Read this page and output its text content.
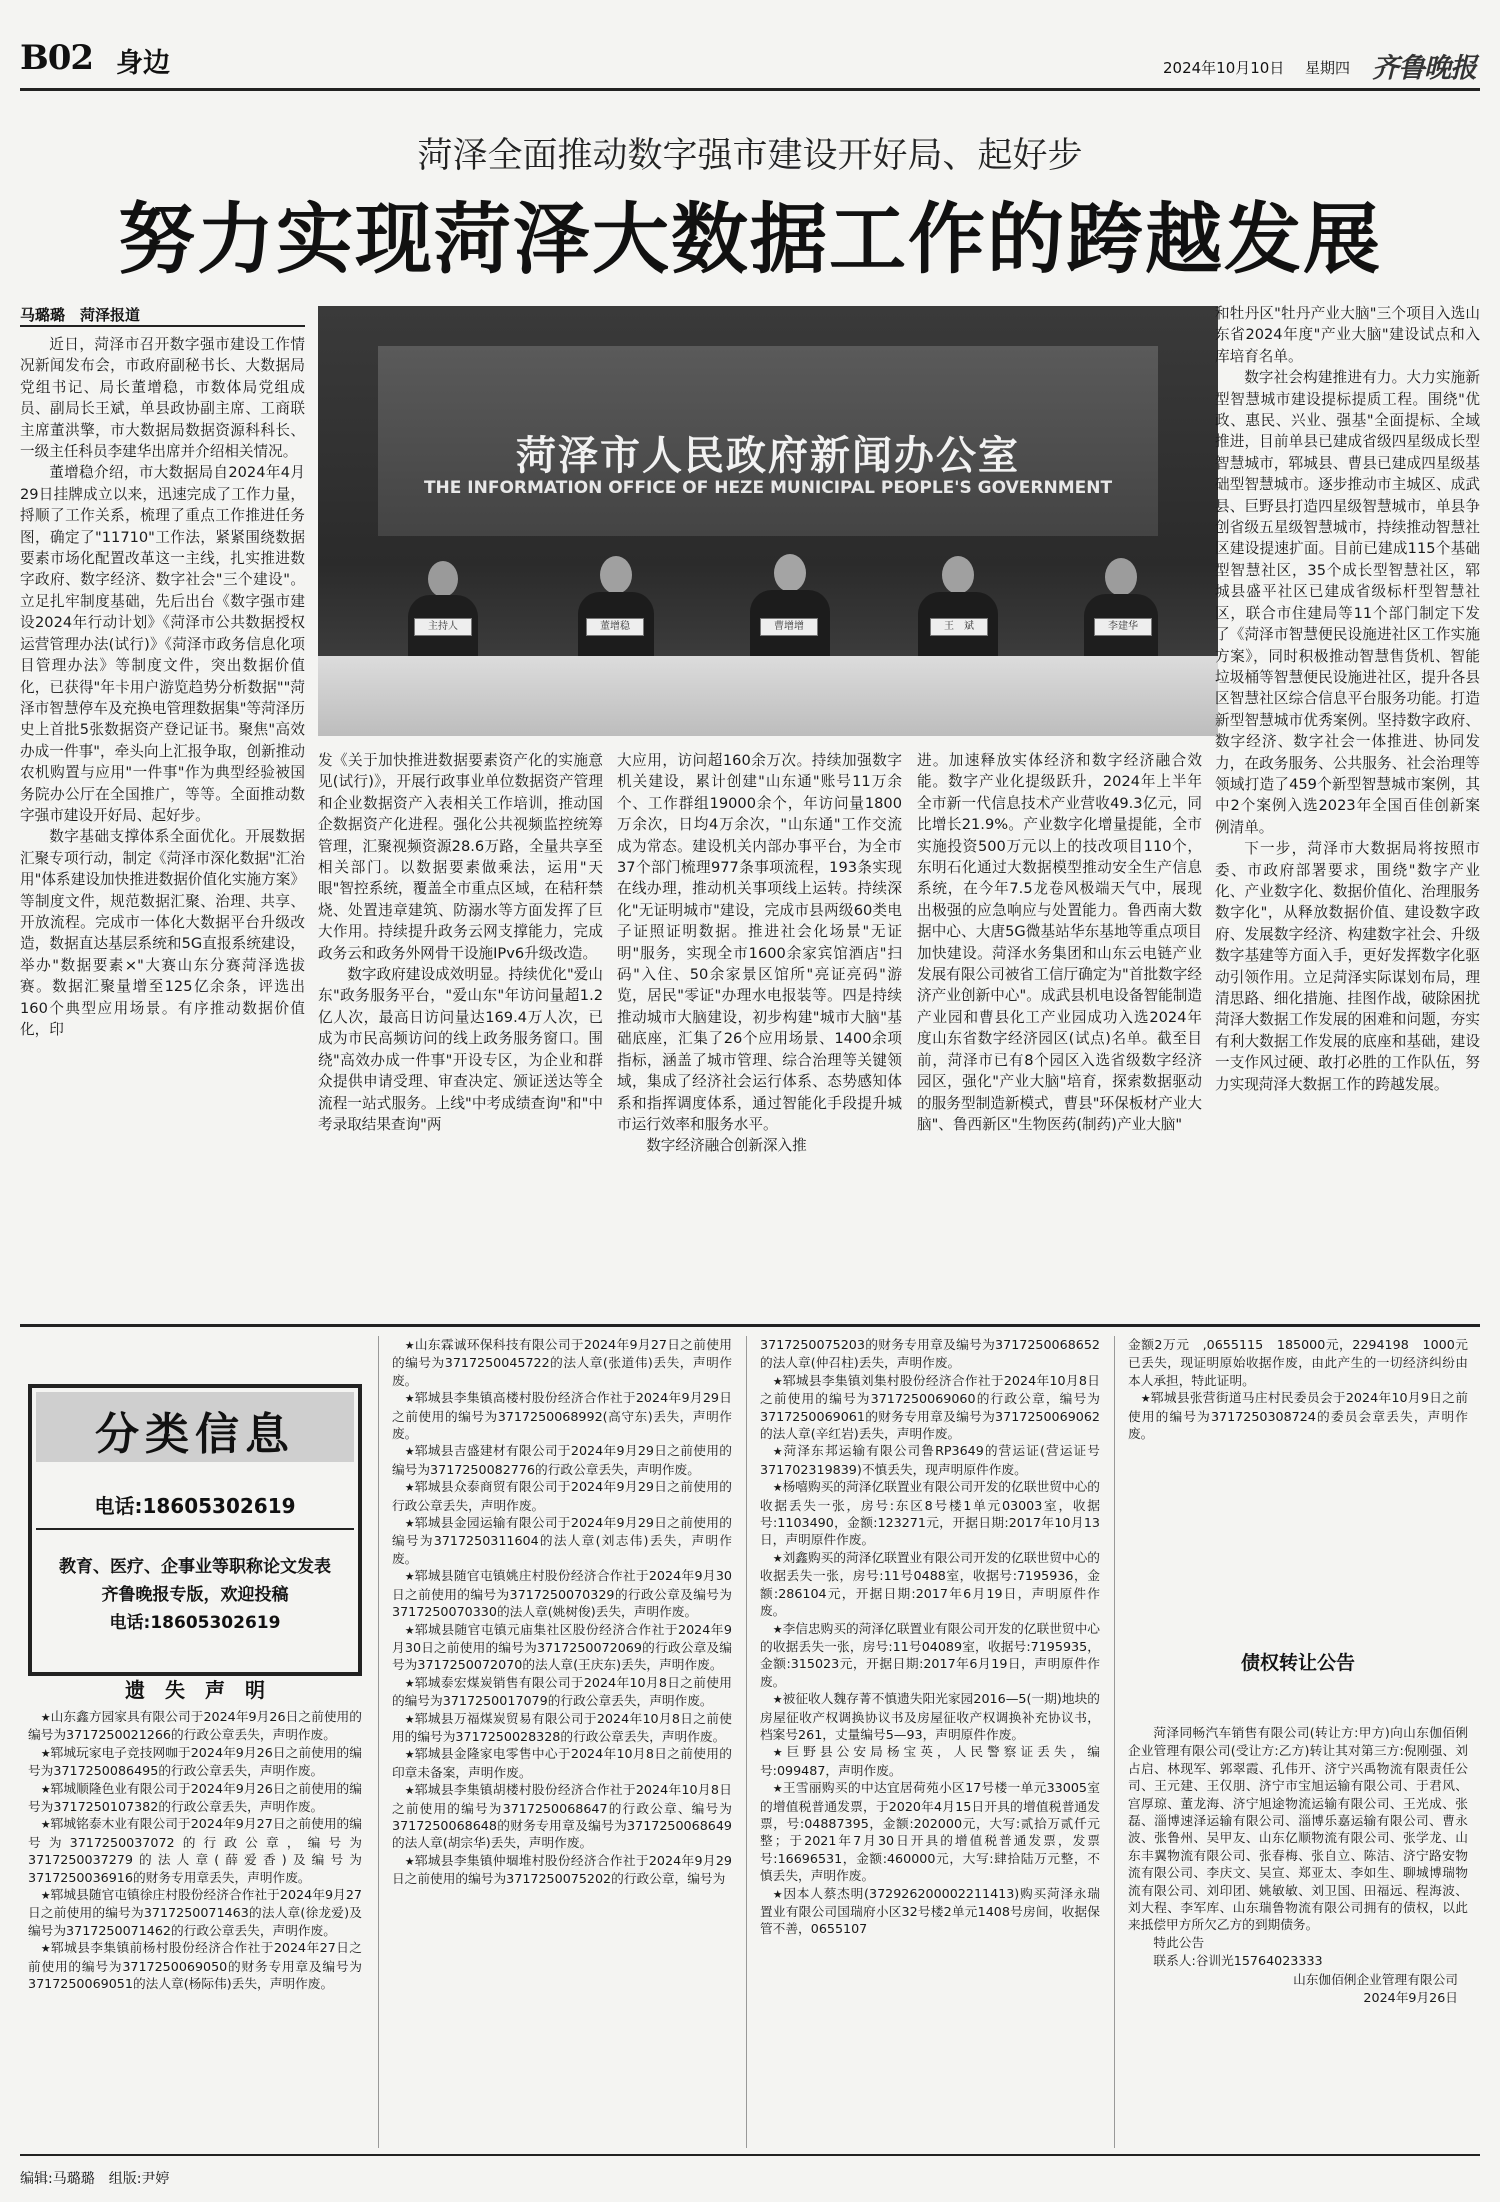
B02 身边	2024年10月10日 星期四 齐鲁晚报
菏泽全面推动数字强市建设开好局、起好步
努力实现菏泽大数据工作的跨越发展
马璐璐　菏泽报道
菏泽市人民政府新闻办公室
THE INFORMATION OFFICE OF HEZE MUNICIPAL PEOPLE'S GOVERNMENT
主持人	董增稳	曹增增	王　斌	李建华

近日，菏泽市召开数字强市建设工作情况新闻发布会，市政府副秘书长、大数据局党组书记、局长董增稳，市数体局党组成员、副局长王斌，单县政协副主席、工商联主席董洪擎，市大数据局数据资源科科长、一级主任科员李建华出席并介绍相关情况。

董增稳介绍，市大数据局自2024年4月29日挂牌成立以来，迅速完成了工作力量，捋顺了工作关系，梳理了重点工作推进任务图，确定了"11710"工作法，紧紧围绕数据要素市场化配置改革这一主线，扎实推进数字政府、数字经济、数字社会"三个建设"。立足扎牢制度基础，先后出台《数字强市建设2024年行动计划》《菏泽市公共数据授权运营管理办法(试行)》《菏泽市政务信息化项目管理办法》等制度文件，突出数据价值化，已获得"年卡用户游览趋势分析数据""菏泽市智慧停车及充换电管理数据集"等菏泽历史上首批5张数据资产登记证书。聚焦"高效办成一件事"，牵头向上汇报争取，创新推动农机购置与应用"一件事"作为典型经验被国务院办公厅在全国推广，等等。全面推动数字强市建设开好局、起好步。

数字基础支撑体系全面优化。开展数据汇聚专项行动，制定《菏泽市深化数据"汇治用"体系建设加快推进数据价值化实施方案》等制度文件，规范数据汇聚、治理、共享、开放流程。完成市一体化大数据平台升级改造，数据直达基层系统和5G直报系统建设，举办"数据要素×"大赛山东分赛菏泽选拔赛。数据汇聚量增至125亿余条，评选出160个典型应用场景。有序推动数据价值化，印

发《关于加快推进数据要素资产化的实施意见(试行)》，开展行政事业单位数据资产管理和企业数据资产入表相关工作培训，推动国企数据资产化进程。强化公共视频监控统筹管理，汇聚视频资源28.6万路，全量共享至相关部门。以数据要素做乘法，运用"天眼"智控系统，覆盖全市重点区域，在秸秆禁烧、处置违章建筑、防溺水等方面发挥了巨大作用。持续提升政务云网支撑能力，完成政务云和政务外网骨干设施IPv6升级改造。

数字政府建设成效明显。持续优化"爱山东"政务服务平台，"爱山东"年访问量超1.2亿人次，最高日访问量达169.4万人次，已成为市民高频访问的线上政务服务窗口。围绕"高效办成一件事"开设专区，为企业和群众提供申请受理、审查决定、颁证送达等全流程一站式服务。上线"中考成绩查询"和"中考录取结果查询"两

大应用，访问超160余万次。持续加强数字机关建设，累计创建"山东通"账号11万余个、工作群组19000余个，年访问量1800万余次，日均4万余次，"山东通"工作交流成为常态。建设机关内部办事平台，为全市37个部门梳理977条事项流程，193条实现在线办理，推动机关事项线上运转。持续深化"无证明城市"建设，完成市县两级60类电子证照证明数据。推进社会化场景"无证明"服务，实现全市1600余家宾馆酒店"扫码"入住、50余家景区馆所"亮证亮码"游览，居民"零证"办理水电报装等。四是持续推动城市大脑建设，初步构建"城市大脑"基础底座，汇集了26个应用场景、1400余项指标，涵盖了城市管理、综合治理等关键领域，集成了经济社会运行体系、态势感知体系和指挥调度体系，通过智能化手段提升城市运行效率和服务水平。

数字经济融合创新深入推

进。加速释放实体经济和数字经济融合效能。数字产业化提级跃升，2024年上半年全市新一代信息技术产业营收49.3亿元，同比增长21.9%。产业数字化增量提能，全市实施投资500万元以上的技改项目110个，东明石化通过大数据模型推动安全生产信息系统，在今年7.5龙卷风极端天气中，展现出极强的应急响应与处置能力。鲁西南大数据中心、大唐5G微基站华东基地等重点项目加快建设。菏泽水务集团和山东云电链产业发展有限公司被省工信厅确定为"首批数字经济产业创新中心"。成武县机电设备智能制造产业园和曹县化工产业园成功入选2024年度山东省数字经济园区(试点)名单。截至目前，菏泽市已有8个园区入选省级数字经济园区，强化"产业大脑"培育，探索数据驱动的服务型制造新模式，曹县"环保板材产业大脑"、鲁西新区"生物医药(制药)产业大脑"

和牡丹区"牡丹产业大脑"三个项目入选山东省2024年度"产业大脑"建设试点和入库培育名单。

数字社会构建推进有力。大力实施新型智慧城市建设提标提质工程。围绕"优政、惠民、兴业、强基"全面提标、全域推进，目前单县已建成省级四星级成长型智慧城市，郓城县、曹县已建成四星级基础型智慧城市。逐步推动市主城区、成武县、巨野县打造四星级智慧城市，单县争创省级五星级智慧城市，持续推动智慧社区建设提速扩面。目前已建成115个基础型智慧社区，35个成长型智慧社区，郓城县盛平社区已建成省级标杆型智慧社区，联合市住建局等11个部门制定下发了《菏泽市智慧便民设施进社区工作实施方案》，同时积极推动智慧售货机、智能垃圾桶等智慧便民设施进社区，提升各县区智慧社区综合信息平台服务功能。打造新型智慧城市优秀案例。坚持数字政府、数字经济、数字社会一体推进、协同发力，在政务服务、公共服务、社会治理等领域打造了459个新型智慧城市案例，其中2个案例入选2023年全国百佳创新案例清单。

下一步，菏泽市大数据局将按照市委、市政府部署要求，围绕"数字产业化、产业数字化、数据价值化、治理服务数字化"，从释放数据价值、建设数字政府、发展数字经济、构建数字社会、升级数字基建等方面入手，更好发挥数字化驱动引领作用。立足菏泽实际谋划布局，理清思路、细化措施、挂图作战，破除困扰菏泽大数据工作发展的困难和问题，夯实有利大数据工作发展的底座和基础，建设一支作风过硬、敢打必胜的工作队伍，努力实现菏泽大数据工作的跨越发展。

分类信息
电话:18605302619
教育、医疗、企事业等职称论文发表
齐鲁晚报专版，欢迎投稿
电话:18605302619
遗　失　声　明

★ 山东鑫方园家具有限公司于2024年9月26日之前使用的编号为3717250021266的行政公章丢失，声明作废。

★ 郓城玩家电子竞技网咖于2024年9月26日之前使用的编号为3717250086495的行政公章丢失，声明作废。

★ 郓城顺隆色业有限公司于2024年9月26日之前使用的编号为3717250107382的行政公章丢失，声明作废。

★ 郓城铭泰木业有限公司于2024年9月27日之前使用的编号为3717250037072的行政公章，编号为3717250037279的法人章(薛爱香)及编号为3717250036916的财务专用章丢失，声明作废。

★ 郓城县随官屯镇徐庄村股份经济合作社于2024年9月27日之前使用的编号为3717250071463的法人章(徐龙爱)及编号为3717250071462的行政公章丢失，声明作废。

★ 郓城县李集镇前杨村股份经济合作社于2024年27日之前使用的编号为3717250069050的财务专用章及编号为3717250069051的法人章(杨际伟)丢失，声明作废。

★ 山东霖诚环保科技有限公司于2024年9月27日之前使用的编号为3717250045722的法人章(张道伟)丢失，声明作废。

★ 郓城县李集镇高楼村股份经济合作社于2024年9月29日之前使用的编号为3717250068992(高守东)丢失，声明作废。

★ 郓城县吉盛建材有限公司于2024年9月29日之前使用的编号为3717250082776的行政公章丢失，声明作废。

★ 郓城县众泰商贸有限公司于2024年9月29日之前使用的行政公章丢失，声明作废。

★ 郓城县金园运输有限公司于2024年9月29日之前使用的编号为3717250311604的法人章(刘志伟)丢失，声明作废。

★ 郓城县随官屯镇姚庄村股份经济合作社于2024年9月30日之前使用的编号为3717250070329的行政公章及编号为3717250070330的法人章(姚树俊)丢失，声明作废。

★ 郓城县随官屯镇元庙集社区股份经济合作社于2024年9月30日之前使用的编号为3717250072069的行政公章及编号为3717250072070的法人章(王庆东)丢失，声明作废。

★ 郓城泰宏煤炭销售有限公司于2024年10月8日之前使用的编号为3717250017079的行政公章丢失，声明作废。

★ 郓城县万福煤炭贸易有限公司于2024年10月8日之前使用的编号为3717250028328的行政公章丢失，声明作废。

★ 郓城县金隆家电零售中心于2024年10月8日之前使用的印章未备案，声明作废。

★ 郓城县李集镇胡楼村股份经济合作社于2024年10月8日之前使用的编号为3717250068647的行政公章、编号为3717250068648的财务专用章及编号为3717250068649的法人章(胡宗华)丢失，声明作废。

★ 郓城县李集镇仲堌堆村股份经济合作社于2024年9月29日之前使用的编号为3717250075202的行政公章，编号为

3717250075203的财务专用章及编号为3717250068652的法人章(仲召柱)丢失，声明作废。

★ 郓城县李集镇刘集村股份经济合作社于2024年10月8日之前使用的编号为3717250069060的行政公章，编号为3717250069061的财务专用章及编号为3717250069062的法人章(辛红岩)丢失，声明作废。

★ 菏泽东邦运输有限公司鲁RP3649的营运证(营运证号371702319839)不慎丢失，现声明原件作废。

★ 杨嘻购买的菏泽亿联置业有限公司开发的亿联世贸中心的收据丢失一张，房号:东区8号楼1单元03003室，收据号:1103490，金额:123271元，开据日期:2017年10月13日，声明原件作废。

★ 刘鑫购买的菏泽亿联置业有限公司开发的亿联世贸中心的收据丢失一张，房号:11号0488室，收据号:7195936，金额:286104元，开据日期:2017年6月19日，声明原件作废。

★ 李信忠购买的菏泽亿联置业有限公司开发的亿联世贸中心的收据丢失一张，房号:11号04089室，收据号:7195935，金额:315023元，开据日期:2017年6月19日，声明原件作废。

★ 被征收人魏存菁不慎遗失阳光家园2016—5(一期)地块的房屋征收产权调换协议书及房屋征收产权调换补充协议书，档案号261，丈量编号5—93，声明原件作废。

★ 巨野县公安局杨宝英，人民警察证丢失，编号:099487，声明作废。

★ 王雪丽购买的中达宜居荷苑小区17号楼一单元33005室的增值税普通发票，于2020年4月15日开具的增值税普通发票，号:04887395，金额:202000元，大写:贰拾万贰仟元整；于2021年7月30日开具的增值税普通发票，发票号:16696531，金额:460000元，大写:肆拾陆万元整，不慎丢失，声明作废。

★ 因本人蔡杰明(372926200002211413)购买菏泽永瑞置业有限公司国瑞府小区32号楼2单元1408号房间，收据保管不善，0655107

金额2万元　,0655115　185000元，2294198　1000元已丢失，现证明原始收据作废，由此产生的一切经济纠纷由本人承担，特此证明。

★ 郓城县张营街道马庄村民委员会于2024年10月9日之前使用的编号为3717250308724的委员会章丢失，声明作废。

债权转让公告

菏泽同畅汽车销售有限公司(转让方:甲方)向山东伽佰俐企业管理有限公司(受让方:乙方)转让其对第三方:倪刚强、刘占启、林现军、郭翠霞、孔伟开、济宁兴禹物流有限责任公司、王元建、王仅朋、济宁市宝旭运输有限公司、于君风、宫厚琼、董龙海、济宁旭途物流运输有限公司、王光成、张磊、淄博速泽运输有限公司、淄博乐嘉运输有限公司、曹永波、张鲁州、吴甲友、山东亿顺物流有限公司、张学龙、山东丰翼物流有限公司、张春梅、张自立、陈洁、济宁路安物流有限公司、李庆文、吴宣、郑亚太、李如生、聊城博瑞物流有限公司、刘印团、姚敏敏、刘卫国、田福远、程海波、刘大程、李军库、山东瑞鲁物流有限公司拥有的债权，以此来抵偿甲方所欠乙方的到期债务。

特此公告

联系人:谷训光15764023333

山东伽佰俐企业管理有限公司

2024年9月26日

编辑:马璐璐　组版:尹婷
